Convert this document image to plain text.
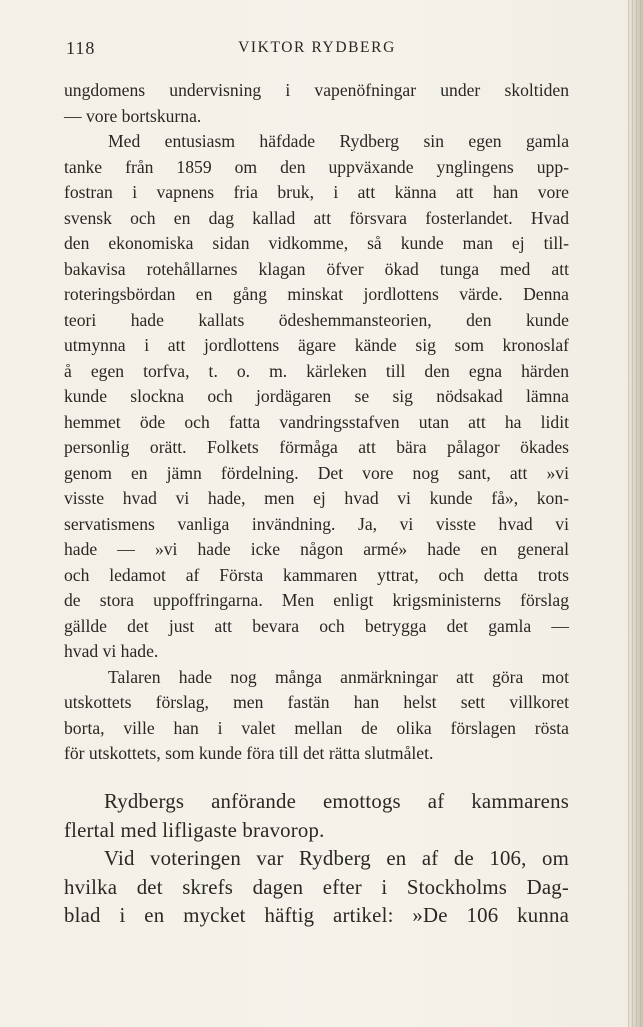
118	VIKTOR RYDBERG
ungdomens undervisning i vapenöfningar under skoltiden
— vore bortskurna.
Med entusiasm häfdade Rydberg sin egen gamla
tanke från 1859 om den uppväxande ynglingens upp-
fostran i vapnens fria bruk, i att känna att han vore
svensk och en dag kallad att försvara fosterlandet. Hvad
den ekonomiska sidan vidkomme, så kunde man ej till-
bakavisa rotehållarnes klagan öfver ökad tunga med att
roteringsbördan en gång minskat jordlottens värde. Denna
teori hade kallats ödeshemmansteorien, den kunde
utmynna i att jordlottens ägare kände sig som kronoslaf
å egen torfva, t. o. m. kärleken till den egna härden
kunde slockna och jordägaren se sig nödsakad lämna
hemmet öde och fatta vandringsstafven utan att ha lidit
personlig orätt. Folkets förmåga att bära pålagor ökades
genom en jämn fördelning. Det vore nog sant, att »vi
visste hvad vi hade, men ej hvad vi kunde få», kon-
servatismens vanliga invändning. Ja, vi visste hvad vi
hade — »vi hade icke någon armé» hade en general
och ledamot af Första kammaren yttrat, och detta trots
de stora uppoffringarna. Men enligt krigsministerns förslag
gällde det just att bevara och betrygga det gamla —
hvad vi hade.
Talaren hade nog många anmärkningar att göra mot
utskottets förslag, men fastän han helst sett villkoret
borta, ville han i valet mellan de olika förslagen rösta
för utskottets, som kunde föra till det rätta slutmålet.
Rydbergs anförande emottogs af kammarens
flertal med lifligaste bravorop.
Vid voteringen var Rydberg en af de 106, om
hvilka det skrefs dagen efter i Stockholms Dag-
blad i en mycket häftig artikel: »De 106 kunna
